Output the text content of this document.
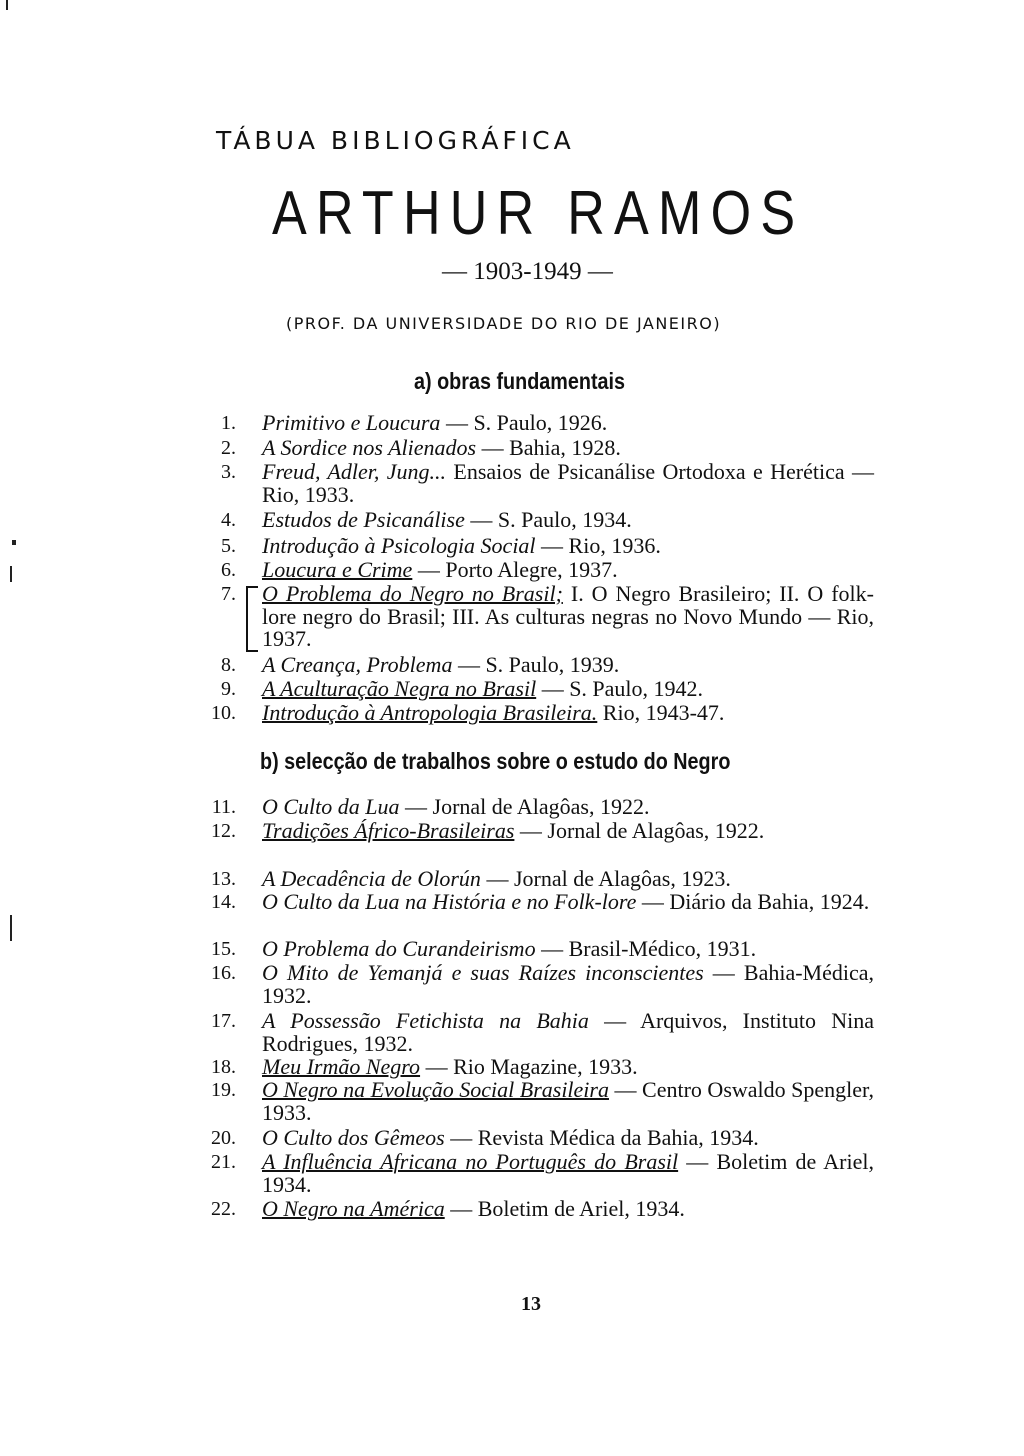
TÁBUA BIBLIOGRÁFICA
ARTHUR RAMOS
— 1903-1949 —
(PROF. DA UNIVERSIDADE DO RIO DE JANEIRO)
a) obras fundamentais
1. Primitivo e Loucura — S. Paulo, 1926.
2. A Sordice nos Alienados — Bahia, 1928.
3. Freud, Adler, Jung... Ensaios de Psicanálise Ortodoxa e Herética — Rio, 1933.
4. Estudos de Psicanálise — S. Paulo, 1934.
5. Introdução à Psicologia Social — Rio, 1936.
6. Loucura e Crime — Porto Alegre, 1937.
7. O Problema do Negro no Brasil; I. O Negro Brasileiro; II. O folk-lore negro do Brasil; III. As culturas negras no Novo Mundo — Rio, 1937.
8. A Creança, Problema — S. Paulo, 1939.
9. A Aculturação Negra no Brasil — S. Paulo, 1942.
10. Introdução à Antropologia Brasileira. Rio, 1943-47.
b) selecção de trabalhos sobre o estudo do Negro
11. O Culto da Lua — Jornal de Alagôas, 1922.
12. Tradições Áfrico-Brasileiras — Jornal de Alagôas, 1922.
13. A Decadência de Olorún — Jornal de Alagôas, 1923.
14. O Culto da Lua na História e no Folk-lore — Diário da Bahia, 1924.
15. O Problema do Curandeirismo — Brasil-Médico, 1931.
16. O Mito de Yemanjá e suas Raízes inconscientes — Bahia-Médica, 1932.
17. A Possessão Fetichista na Bahia — Arquivos, Instituto Nina Rodrigues, 1932.
18. Meu Irmão Negro — Rio Magazine, 1933.
19. O Negro na Evolução Social Brasileira — Centro Oswaldo Spengler, 1933.
20. O Culto dos Gêmeos — Revista Médica da Bahia, 1934.
21. A Influência Africana no Português do Brasil — Boletim de Ariel, 1934.
22. O Negro na América — Boletim de Ariel, 1934.
13
